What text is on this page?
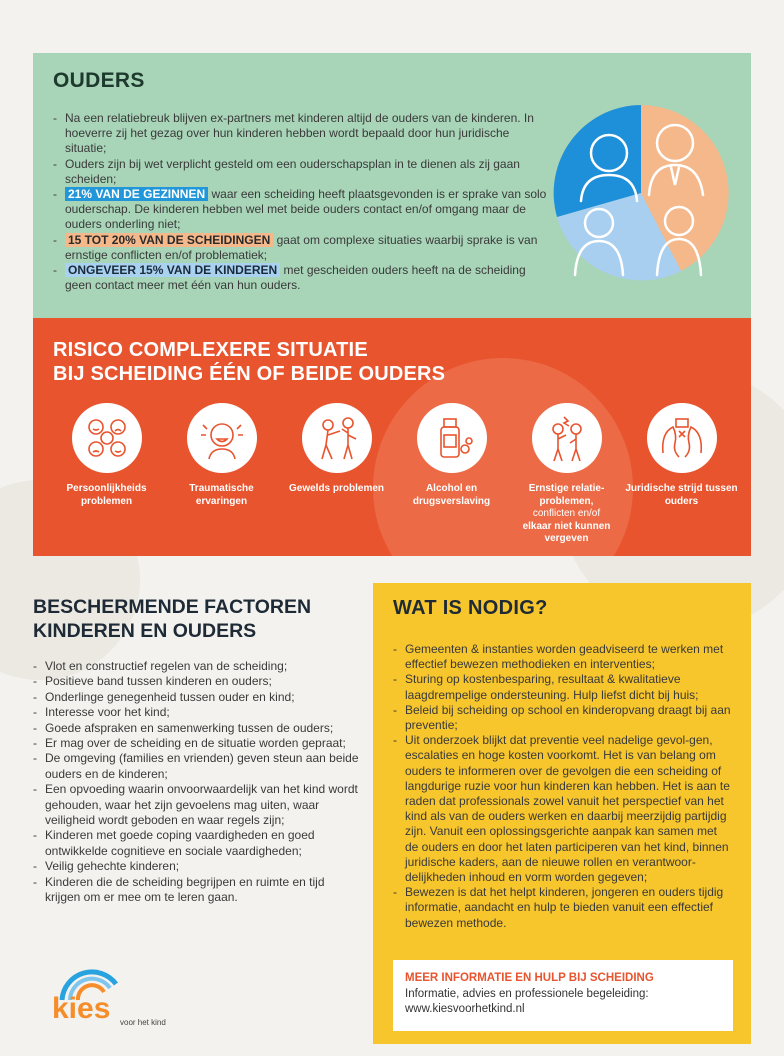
OUDERS
- Na een relatiebreuk blijven ex-partners met kinderen altijd de ouders van de kinderen. In hoeverre zij het gezag over hun kinderen hebben wordt bepaald door hun juridische situatie;
- Ouders zijn bij wet verplicht gesteld om een ouderschapsplan in te dienen als zij gaan scheiden;
- 21% VAN DE GEZINNEN waar een scheiding heeft plaatsgevonden is er sprake van solo ouderschap. De kinderen hebben wel met beide ouders contact en/of omgang maar de ouders onderling niet;
- 15 TOT 20% VAN DE SCHEIDINGEN gaat om complexe situaties waarbij sprake is van ernstige conflicten en/of problematiek;
- ONGEVEER 15% VAN DE KINDEREN met gescheiden ouders heeft na de scheiding geen contact meer met één van hun ouders.
RISICO COMPLEXERE SITUATIE
BIJ SCHEIDING ÉÉN OF BEIDE OUDERS
Persoonlijkheids problemen
Traumatische ervaringen
Gewelds problemen	Alcohol en drugsverslaving
Ernstige relatie-problemen,
conflicten en/of
elkaar niet kunnen vergeven
Juridische strijd tussen ouders
BESCHERMENDE FACTOREN
KINDEREN EN OUDERS
- Vlot en constructief regelen van de scheiding;
- Positieve band tussen kinderen en ouders;
- Onderlinge genegenheid tussen ouder en kind;
- Interesse voor het kind;
- Goede afspraken en samenwerking tussen de ouders;
- Er mag over de scheiding en de situatie worden gepraat;
- De omgeving (families en vrienden) geven steun aan beide ouders en de kinderen;
- Een opvoeding waarin onvoorwaardelijk van het kind wordt gehouden, waar het zijn gevoelens mag uiten, waar veiligheid wordt geboden en waar regels zijn;
- Kinderen met goede coping vaardigheden en goed ontwikkelde cognitieve en sociale vaardigheden;
- Veilig gehechte kinderen;
- Kinderen die de scheiding begrijpen en ruimte en tijd krijgen om er mee om te leren gaan.
WAT IS NODIG?
- Gemeenten & instanties worden geadviseerd te werken met effectief bewezen methodieken en interventies;
- Sturing op kostenbesparing, resultaat & kwalitatieve laagdrempelige ondersteuning. Hulp liefst dicht bij huis;
- Beleid bij scheiding op school en kinderopvang draagt bij aan preventie;
- Uit onderzoek blijkt dat preventie veel nadelige gevol-gen, escalaties en hoge kosten voorkomt. Het is van belang om ouders te informeren over de gevolgen die een scheiding of langdurige ruzie voor hun kinderen kan hebben. Het is aan te raden dat professionals zowel vanuit het perspectief van het kind als van de ouders werken en daarbij meerzijdig partijdig zijn. Vanuit een oplossingsgerichte aanpak kan samen met de ouders en door het laten participeren van het kind, binnen juridische kaders, aan de nieuwe rollen en verantwoor-delijkheden inhoud en vorm worden gegeven;
- Bewezen is dat het helpt kinderen, jongeren en ouders tijdig informatie, aandacht en hulp te bieden vanuit een effectief bewezen methode.
MEER INFORMATIE EN HULP BIJ SCHEIDING
Informatie, advies en professionele begeleiding:
www.kiesvoorhetkind.nl
kies voor het kind
